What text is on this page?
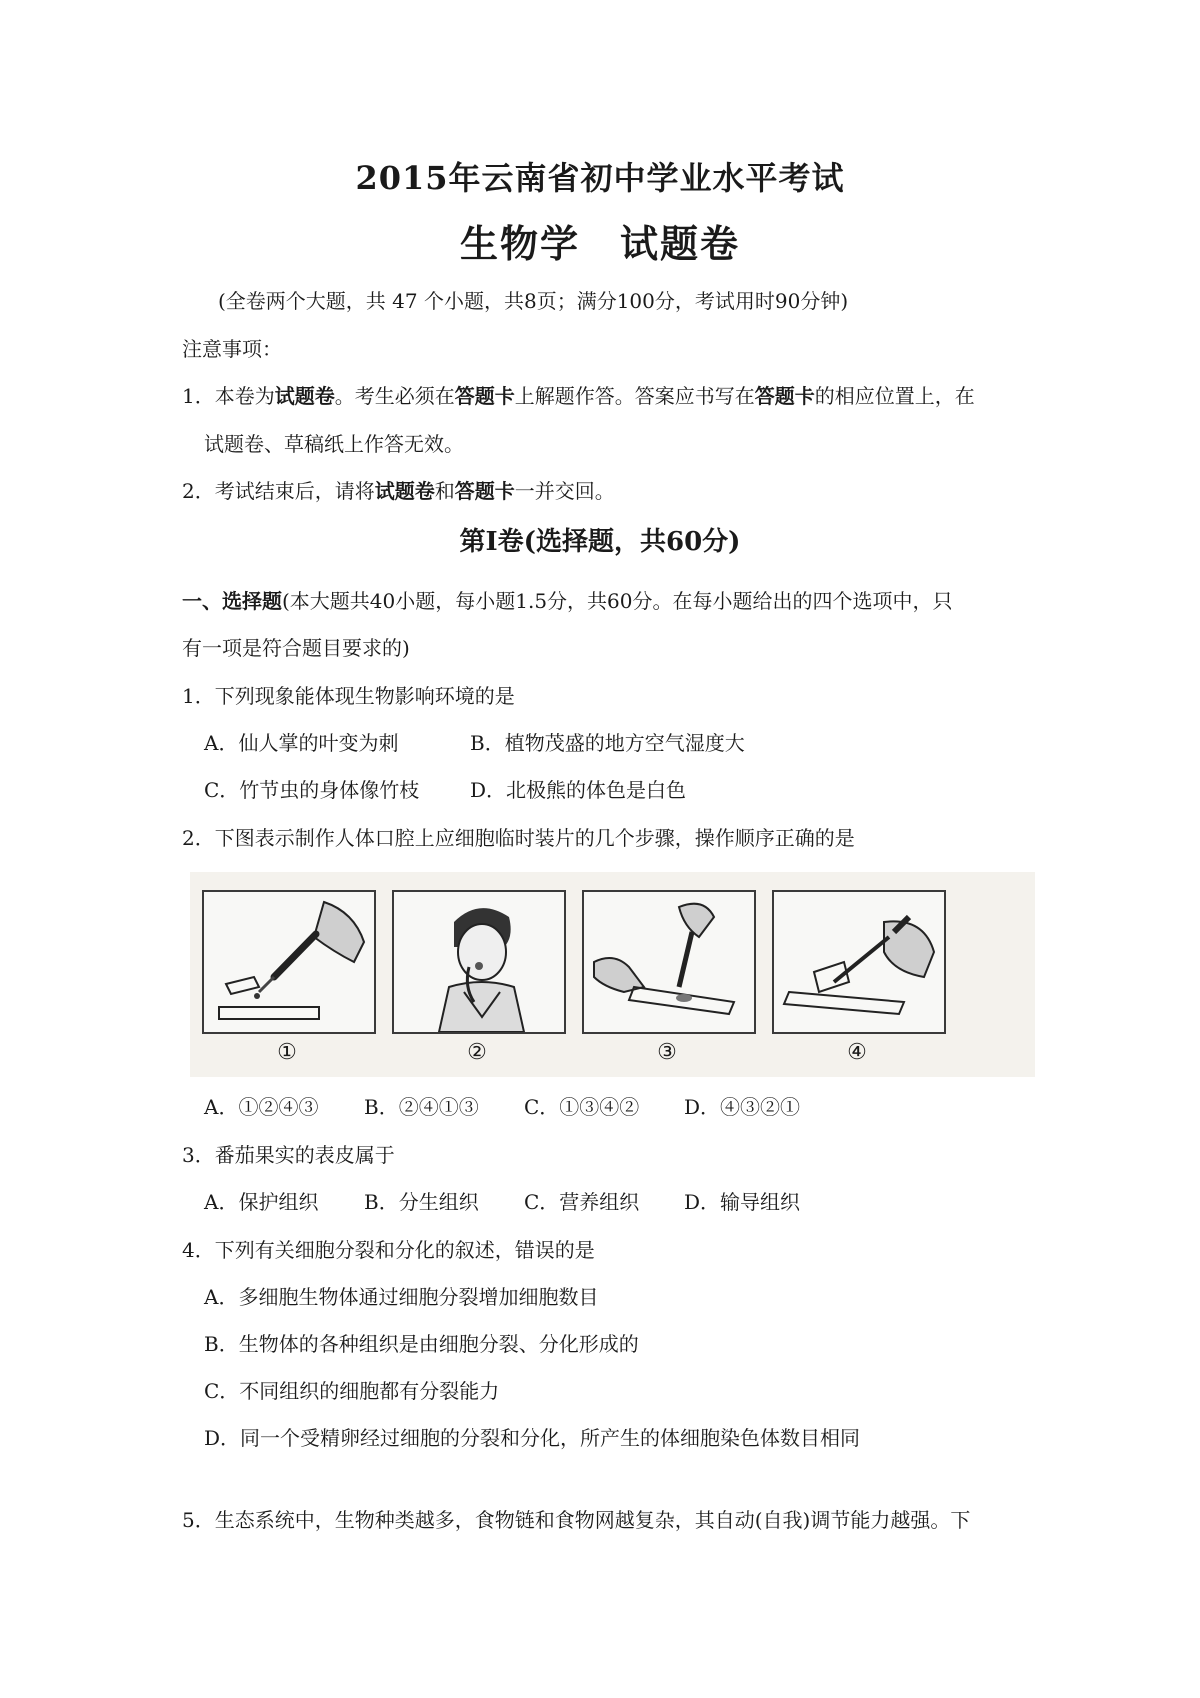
2015年云南省初中学业水平考试
生物学 试题卷
(全卷两个大题，共 47 个小题，共8页；满分100分，考试用时90分钟)
注意事项：
1．本卷为试题卷。考生必须在答题卡上解题作答。答案应书写在答题卡的相应位置上，在
试题卷、草稿纸上作答无效。
2．考试结束后，请将试题卷和答题卡一并交回。
第Ⅰ卷(选择题，共60分)
一、选择题(本大题共40小题，每小题1.5分，共60分。在每小题给出的四个选项中，只
有一项是符合题目要求的)
1．下列现象能体现生物影响环境的是
A．仙人掌的叶变为刺	B．植物茂盛的地方空气湿度大
C．竹节虫的身体像竹枝	D．北极熊的体色是白色
2．下图表示制作人体口腔上应细胞临时装片的几个步骤，操作顺序正确的是
①	②	③	④
A．①②④③ B．②④①③ C．①③④② D．④③②①
3．番茄果实的表皮属于
A．保护组织 B．分生组织 C．营养组织 D．输导组织
4．下列有关细胞分裂和分化的叙述，错误的是
A．多细胞生物体通过细胞分裂增加细胞数目
B．生物体的各种组织是由细胞分裂、分化形成的
C．不同组织的细胞都有分裂能力
D．同一个受精卵经过细胞的分裂和分化，所产生的体细胞染色体数目相同
5．生态系统中，生物种类越多，食物链和食物网越复杂，其自动(自我)调节能力越强。下
